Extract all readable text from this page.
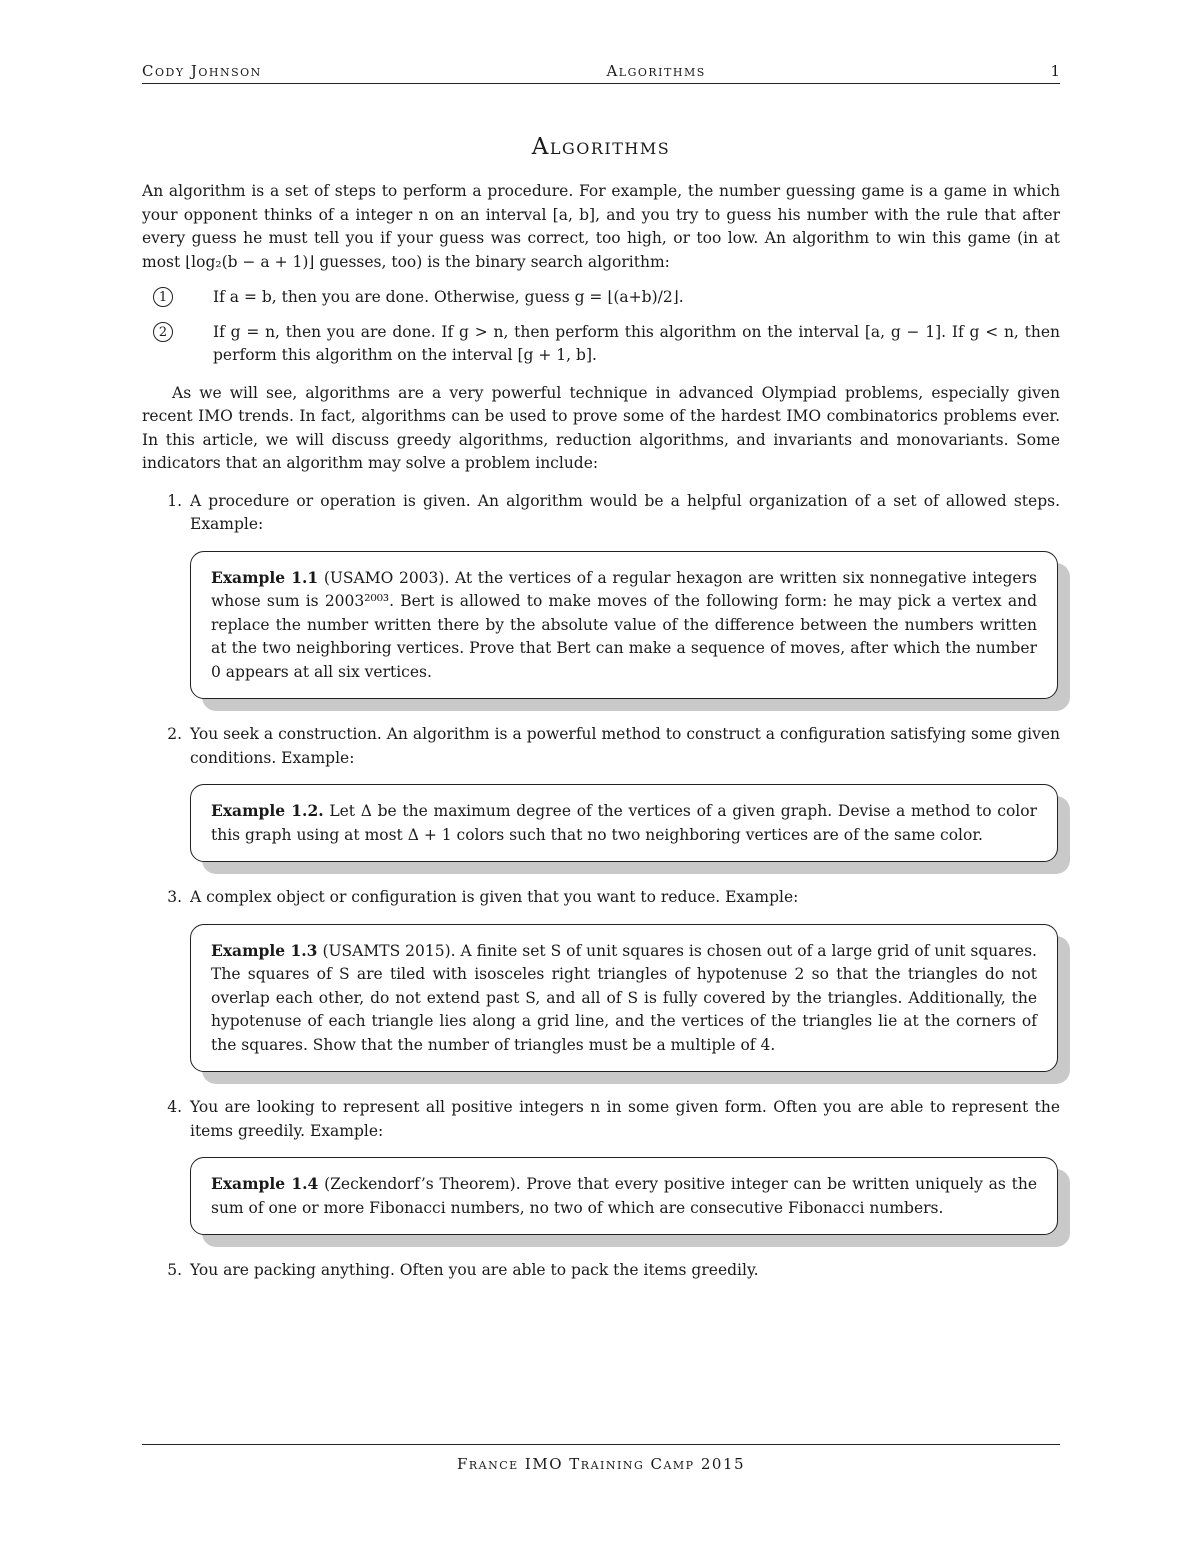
Cody Johnson	Algorithms	1
Algorithms

An algorithm is a set of steps to perform a procedure. For example, the number guessing game is a game in which your opponent thinks of a integer n on an interval [a, b], and you try to guess his number with the rule that after every guess he must tell you if your guess was correct, too high, or too low. An algorithm to win this game (in at most ⌊log₂(b − a + 1)⌋ guesses, too) is the binary search algorithm:

1	If a = b, then you are done. Otherwise, guess g = ⌊(a+b)/2⌋.
2	If g = n, then you are done. If g > n, then perform this algorithm on the interval [a, g − 1]. If g < n, then perform this algorithm on the interval [g + 1, b].

As we will see, algorithms are a very powerful technique in advanced Olympiad problems, especially given recent IMO trends. In fact, algorithms can be used to prove some of the hardest IMO combinatorics problems ever. In this article, we will discuss greedy algorithms, reduction algorithms, and invariants and monovariants. Some indicators that an algorithm may solve a problem include:

1. A procedure or operation is given. An algorithm would be a helpful organization of a set of allowed steps. Example:

Example 1.1 (USAMO 2003). At the vertices of a regular hexagon are written six nonnegative integers whose sum is 2003²⁰⁰³. Bert is allowed to make moves of the following form: he may pick a vertex and replace the number written there by the absolute value of the difference between the numbers written at the two neighboring vertices. Prove that Bert can make a sequence of moves, after which the number 0 appears at all six vertices.
2. You seek a construction. An algorithm is a powerful method to construct a configuration satisfying some given conditions. Example:

Example 1.2. Let Δ be the maximum degree of the vertices of a given graph. Devise a method to color this graph using at most Δ + 1 colors such that no two neighboring vertices are of the same color.
3. A complex object or configuration is given that you want to reduce. Example:

Example 1.3 (USAMTS 2015). A finite set S of unit squares is chosen out of a large grid of unit squares. The squares of S are tiled with isosceles right triangles of hypotenuse 2 so that the triangles do not overlap each other, do not extend past S, and all of S is fully covered by the triangles. Additionally, the hypotenuse of each triangle lies along a grid line, and the vertices of the triangles lie at the corners of the squares. Show that the number of triangles must be a multiple of 4.
4. You are looking to represent all positive integers n in some given form. Often you are able to represent the items greedily. Example:

Example 1.4 (Zeckendorf’s Theorem). Prove that every positive integer can be written uniquely as the sum of one or more Fibonacci numbers, no two of which are consecutive Fibonacci numbers.
5. You are packing anything. Often you are able to pack the items greedily.

France IMO Training Camp 2015
